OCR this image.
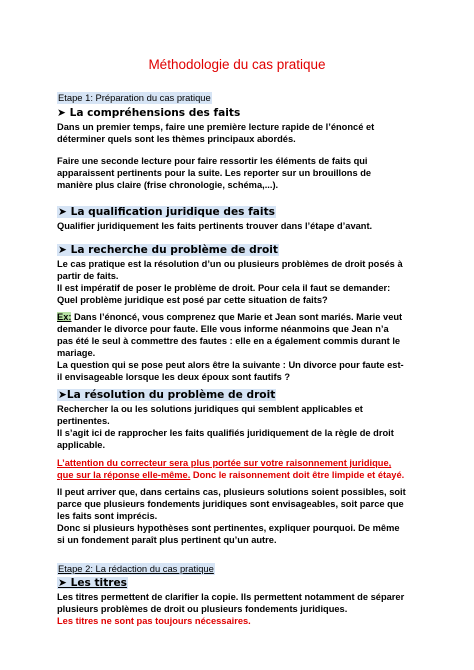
Méthodologie du cas pratique
Etape 1: Préparation du cas pratique
➤ La compréhensions des faits

Dans un premier temps, faire une première lecture rapide de l’énoncé et
déterminer quels sont les thèmes principaux abordés.

Faire une seconde lecture pour faire ressortir les éléments de faits qui
apparaissent pertinents pour la suite. Les reporter sur un brouillons de
manière plus claire (frise chronologie, schéma,...).

➤ La qualification juridique des faits

Qualifier juridiquement les faits pertinents trouver dans l’étape d’avant.

➤ La recherche du problème de droit

Le cas pratique est la résolution d’un ou plusieurs problèmes de droit posés à
partir de faits.
Il est impératif de poser le problème de droit. Pour cela il faut se demander:
Quel problème juridique est posé par cette situation de faits?

Ex: Dans l’énoncé, vous comprenez que Marie et Jean sont mariés. Marie veut
demander le divorce pour faute. Elle vous informe néanmoins que Jean n’a
pas été le seul à commettre des fautes : elle en a également commis durant le
mariage.
La question qui se pose peut alors être la suivante : Un divorce pour faute est-
il envisageable lorsque les deux époux sont fautifs ?

➤La résolution du problème de droit

Rechercher la ou les solutions juridiques qui semblent applicables et
pertinentes.
Il s’agit ici de rapprocher les faits qualifiés juridiquement de la règle de droit
applicable.

L’attention du correcteur sera plus portée sur votre raisonnement juridique,
que sur la réponse elle-même. Donc le raisonnement doit être limpide et étayé.

Il peut arriver que, dans certains cas, plusieurs solutions soient possibles, soit
parce que plusieurs fondements juridiques sont envisageables, soit parce que
les faits sont imprécis.
Donc si plusieurs hypothèses sont pertinentes, expliquer pourquoi. De même
si un fondement paraît plus pertinent qu’un autre.

Etape 2: La rédaction du cas pratique
➤ Les titres

Les titres permettent de clarifier la copie. Ils permettent notamment de séparer
plusieurs problèmes de droit ou plusieurs fondements juridiques.
Les titres ne sont pas toujours nécessaires.
